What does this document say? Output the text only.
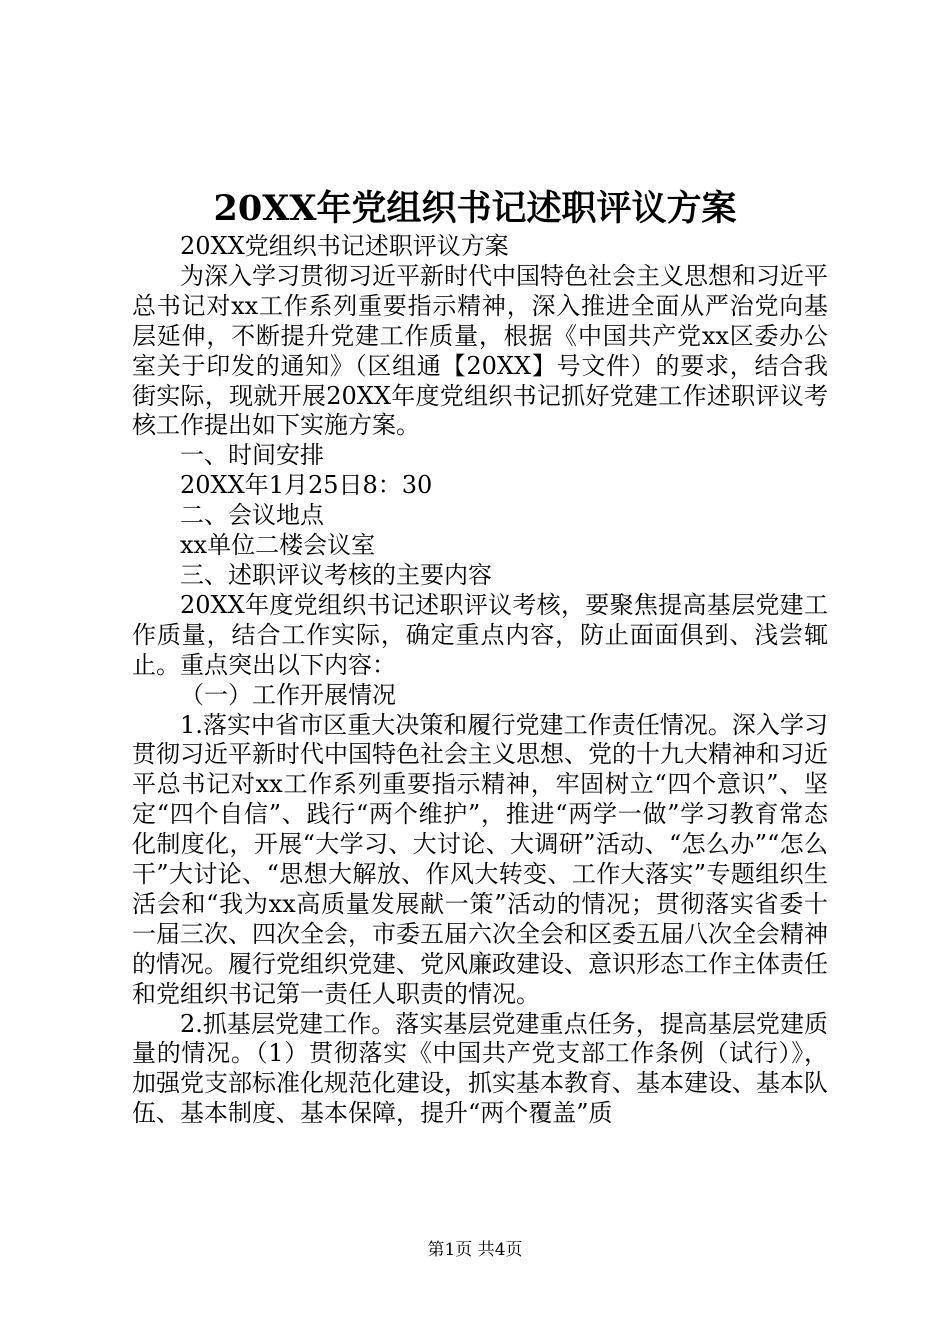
20XX年党组织书记述职评议方案

20XX党组织书记述职评议方案

为深入学习贯彻习近平新时代中国特色社会主义思想和习近平总书记对xx工作系列重要指示精神，深入推进全面从严治党向基层延伸，不断提升党建工作质量，根据《中国共产党xx区委办公室关于印发的通知》（区组通【20XX】号文件）的要求，结合我街实际，现就开展20XX年度党组织书记抓好党建工作述职评议考核工作提出如下实施方案。

一、时间安排

20XX年1月25日8：30

二、会议地点

xx单位二楼会议室

三、述职评议考核的主要内容

20XX年度党组织书记述职评议考核，要聚焦提高基层党建工作质量，结合工作实际，确定重点内容，防止面面俱到、浅尝辄止。重点突出以下内容：

（一）工作开展情况

1.落实中省市区重大决策和履行党建工作责任情况。深入学习贯彻习近平新时代中国特色社会主义思想、党的十九大精神和习近平总书记对xx工作系列重要指示精神，牢固树立“四个意识”、坚定“四个自信”、践行“两个维护”，推进“两学一做”学习教育常态化制度化，开展“大学习、大讨论、大调研”活动、“怎么办”“怎么干”大讨论、“思想大解放、作风大转变、工作大落实”专题组织生活会和“我为xx高质量发展献一策”活动的情况；贯彻落实省委十一届三次、四次全会，市委五届六次全会和区委五届八次全会精神的情况。履行党组织党建、党风廉政建设、意识形态工作主体责任和党组织书记第一责任人职责的情况。

2.抓基层党建工作。落实基层党建重点任务，提高基层党建质量的情况。（1）贯彻落实《中国共产党支部工作条例（试行）》，加强党支部标准化规范化建设，抓实基本教育、基本建设、基本队伍、基本制度、基本保障，提升“两个覆盖”质

第1页 共4页
